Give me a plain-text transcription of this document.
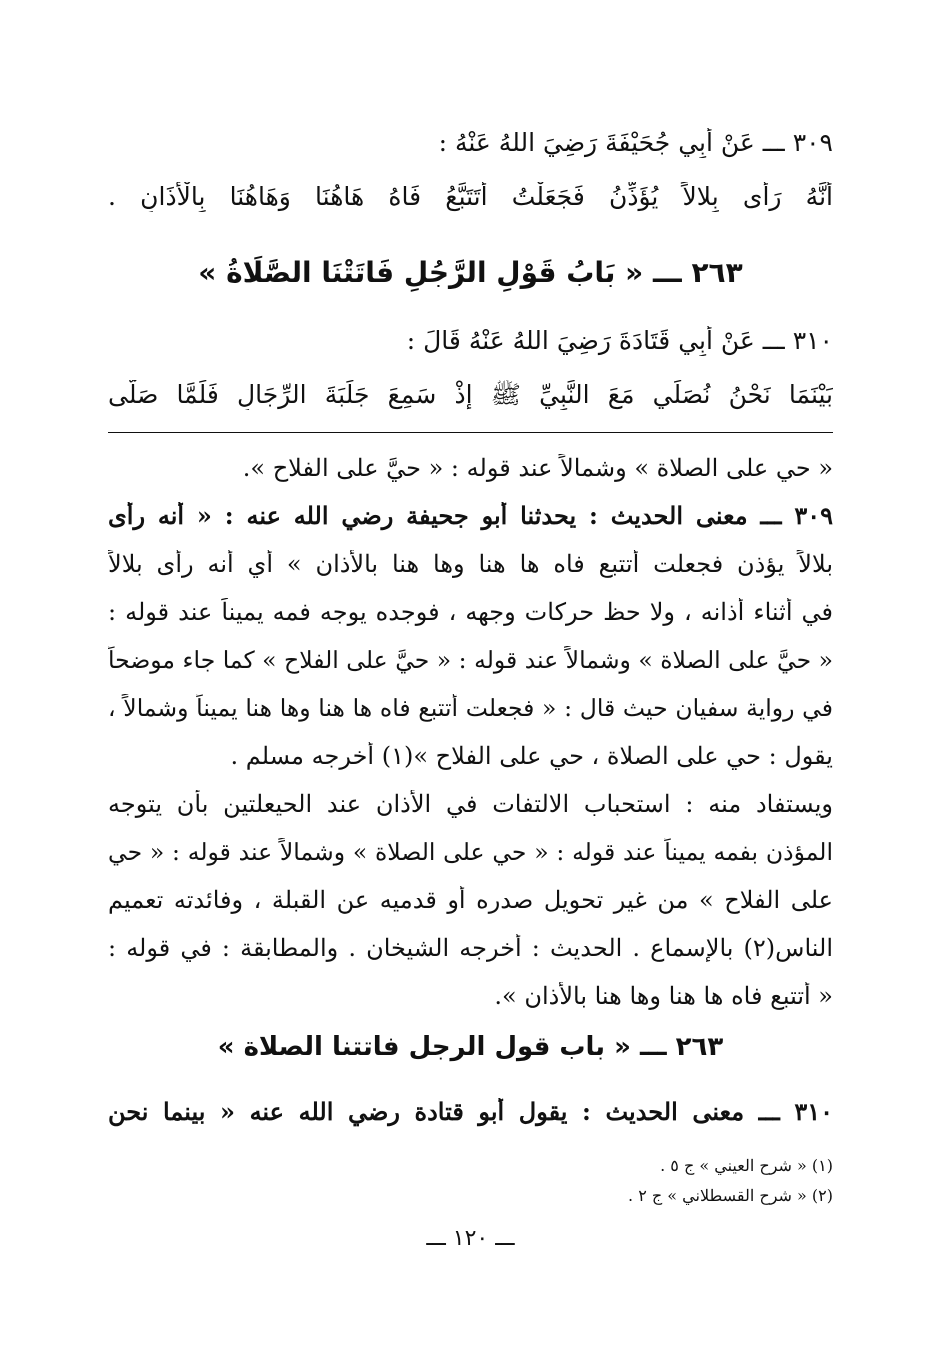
٣٠٩ ـــ عَنْ أَبِي جُحَيْفَةَ رَضِيَ اللهُ عَنْهُ :
أَنَّهُ رَأَى بِلالاً يُؤَذِّنُ فَجَعَلْتُ أَتَتَبَّعُ فَاهُ هَاهُنَا وَهَاهُنَا بِالْأَذَانِ .
٢٦٣ ـــ « بَابُ قَوْلِ الرَّجُلِ فَاتَتْنَا الصَّلَاةُ »
٣١٠ ـــ عَنْ أَبِي قَتَادَةَ رَضِيَ اللهُ عَنْهُ قَالَ :
بَيْنَمَا نَحْنُ نُصَلِّي مَعَ النَّبِيِّ ﷺ إِذْ سَمِعَ جَلَبَةَ الرِّجَالِ فَلَمَّا صَلَّى
« حي على الصلاة » وشمالاً عند قوله : « حيَّ على الفلاح ».
٣٠٩ ـــ معنى الحديث : يحدثنا أبو جحيفة رضي الله عنه : « أنه رأى
بلالاً يؤذن فجعلت أتتبع فاه ها هنا وها هنا بالأذان » أي أنه رأى بلالاً
في أثناء أذانه ، ولا حظ حركات وجهه ، فوجده يوجه فمه يميناً عند قوله :
« حيَّ على الصلاة » وشمالاً عند قوله : « حيَّ على الفلاح » كما جاء موضحاً
في رواية سفيان حيث قال : « فجعلت أتتبع فاه ها هنا وها هنا يميناً وشمالاً ،
يقول : حي على الصلاة ، حي على الفلاح »(١) أخرجه مسلم .
ويستفاد منه : استحباب الالتفات في الأذان عند الحيعلتين بأن يتوجه
المؤذن بفمه يميناً عند قوله : « حي على الصلاة » وشمالاً عند قوله : « حي
على الفلاح » من غير تحويل صدره أو قدميه عن القبلة ، وفائدته تعميم
الناس(٢) بالإسماع . الحديث : أخرجه الشيخان . والمطابقة : في قوله :
« أتتبع فاه ها هنا وها هنا بالأذان ».
٢٦٣ ـــ « باب قول الرجل فاتتنا الصلاة »
٣١٠ ـــ معنى الحديث : يقول أبو قتادة رضي الله عنه « بينما نحن
(١) « شرح العيني » ج ٥ .
(٢) « شرح القسطلاني » ج ٢ .
ـــ ١٢٠ ـــ
